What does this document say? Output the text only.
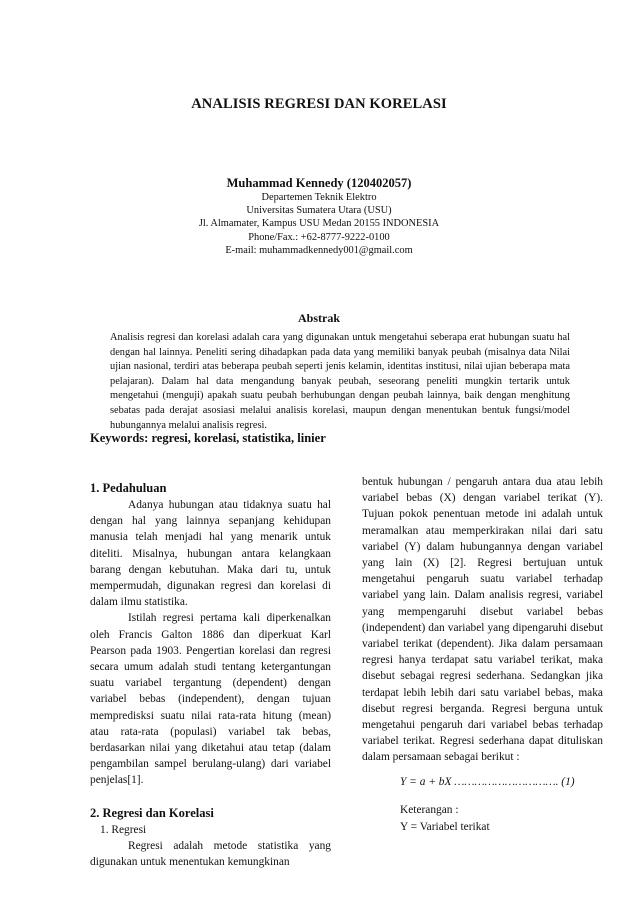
ANALISIS REGRESI DAN KORELASI
Muhammad Kennedy (120402057)
Departemen Teknik Elektro
Universitas Sumatera Utara (USU)
Jl. Almamater, Kampus USU Medan 20155 INDONESIA
Phone/Fax.: +62-8777-9222-0100
E-mail: muhammadkennedy001@gmail.com
Abstrak

Analisis regresi dan korelasi adalah cara yang digunakan untuk mengetahui seberapa erat hubungan suatu hal dengan hal lainnya. Peneliti sering dihadapkan pada data yang memiliki banyak peubah (misalnya data Nilai ujian nasional, terdiri atas beberapa peubah seperti jenis kelamin, identitas institusi, nilai ujian beberapa mata pelajaran). Dalam hal data mengandung banyak peubah, seseorang peneliti mungkin tertarik untuk mengetahui (menguji) apakah suatu peubah berhubungan dengan peubah lainnya, baik dengan menghitung sebatas pada derajat asosiasi melalui analisis korelasi, maupun dengan menentukan bentuk fungsi/model hubungannya melalui analisis regresi.

Keywords: regresi, korelasi, statistika, linier
1. Pedahuluan

Adanya hubungan atau tidaknya suatu hal dengan hal yang lainnya sepanjang kehidupan manusia telah menjadi hal yang menarik untuk diteliti. Misalnya, hubungan antara kelangkaan barang dengan kebutuhan. Maka dari tu, untuk mempermudah, digunakan regresi dan korelasi di dalam ilmu statistika.

Istilah regresi pertama kali diperkenalkan oleh Francis Galton 1886 dan diperkuat Karl Pearson pada 1903. Pengertian korelasi dan regresi secara umum adalah studi tentang ketergantungan suatu variabel tergantung (dependent) dengan variabel bebas (independent), dengan tujuan mempredisksi suatu nilai rata-rata hitung (mean) atau rata-rata (populasi) variabel tak bebas, berdasarkan nilai yang diketahui atau tetap (dalam pengambilan sampel berulang-ulang) dari variabel penjelas[1].

2. Regresi dan Korelasi
1. Regresi

Regresi adalah metode statistika yang digunakan untuk menentukan kemungkinan

bentuk hubungan / pengaruh antara dua atau lebih variabel bebas (X) dengan variabel terikat (Y). Tujuan pokok penentuan metode ini adalah untuk meramalkan atau memperkirakan nilai dari satu variabel (Y) dalam hubungannya dengan variabel yang lain (X) [2]. Regresi bertujuan untuk mengetahui pengaruh suatu variabel terhadap variabel yang lain. Dalam analisis regresi, variabel yang mempengaruhi disebut variabel bebas (independent) dan variabel yang dipengaruhi disebut variabel terikat (dependent). Jika dalam persamaan regresi hanya terdapat satu variabel terikat, maka disebut sebagai regresi sederhana. Sedangkan jika terdapat lebih lebih dari satu variabel bebas, maka disebut regresi berganda. Regresi berguna untuk mengetahui pengaruh dari variabel bebas terhadap variabel terikat. Regresi sederhana dapat dituliskan dalam persamaan sebagai berikut :

Y = a + bX …………………………. (1)
Keterangan :
Y = Variabel terikat
